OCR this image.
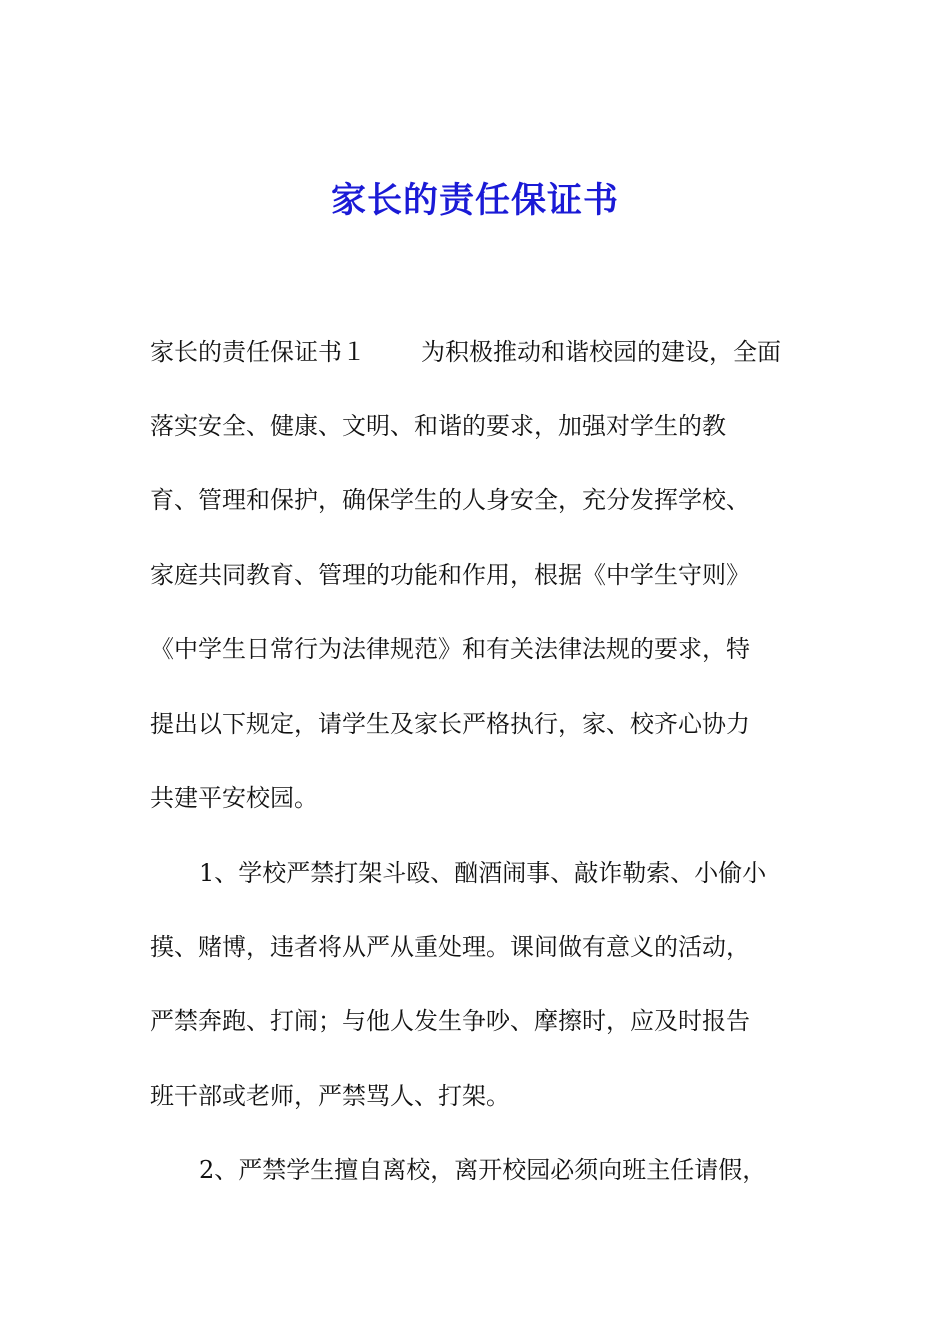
家长的责任保证书
家长的责任保证书１ 为积极推动和谐校园的建设，全面
落实安全、健康、文明、和谐的要求，加强对学生的教
育、管理和保护，确保学生的人身安全，充分发挥学校、
家庭共同教育、管理的功能和作用，根据《中学生守则》
《中学生日常行为法律规范》和有关法律法规的要求，特
提出以下规定，请学生及家长严格执行，家、校齐心协力
共建平安校园。
1、学校严禁打架斗殴、酗酒闹事、敲诈勒索、小偷小
摸、赌博，违者将从严从重处理。课间做有意义的活动，
严禁奔跑、打闹；与他人发生争吵、摩擦时，应及时报告
班干部或老师，严禁骂人、打架。
2、严禁学生擅自离校，离开校园必须向班主任请假，
